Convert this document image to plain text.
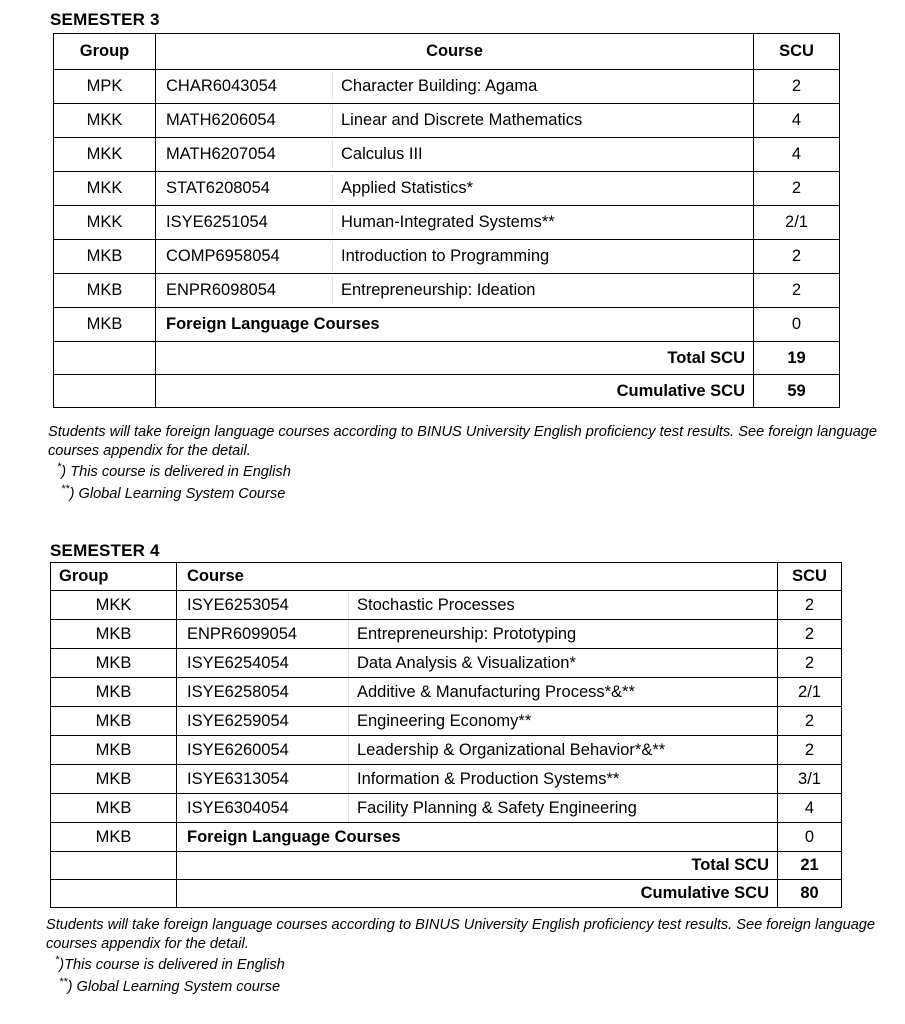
SEMESTER 3
Group	Course	SCU

MPK	CHAR6043054 Character Building: Agama	2

MKK	MATH6206054 Linear and Discrete Mathematics	4

MKK	MATH6207054 Calculus III	4

MKK	STAT6208054 Applied Statistics*	2

MKK	ISYE6251054 Human-Integrated Systems**	2/1

MKB	COMP6958054 Introduction to Programming	2

MKB	ENPR6098054 Entrepreneurship: Ideation	2

MKB	Foreign Language Courses	0

	Total SCU	19

	Cumulative SCU	59

Students will take foreign language courses according to BINUS University English proficiency test results. See foreign language courses appendix for the detail.

*) This course is delivered in English

**) Global Learning System Course

SEMESTER 4
Group	Course	SCU

MKK	ISYE6253054 Stochastic Processes	2

MKB	ENPR6099054 Entrepreneurship: Prototyping	2

MKB	ISYE6254054 Data Analysis & Visualization*	2

MKB	ISYE6258054 Additive & Manufacturing Process*&**	2/1

MKB	ISYE6259054 Engineering Economy**	2

MKB	ISYE6260054 Leadership & Organizational Behavior*&**	2

MKB	ISYE6313054 Information & Production Systems**	3/1

MKB	ISYE6304054 Facility Planning & Safety Engineering	4

MKB	Foreign Language Courses	0

	Total SCU	21

	Cumulative SCU	80

Students will take foreign language courses according to BINUS University English proficiency test results. See foreign language courses appendix for the detail.

*)This course is delivered in English

**) Global Learning System course
